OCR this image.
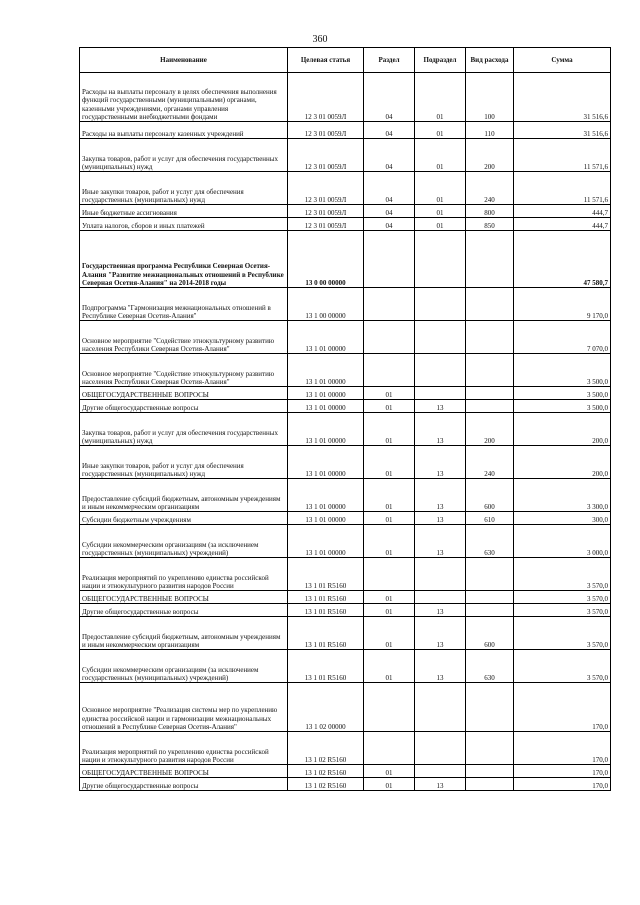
360
Наименование	Целевая статья	Раздел	Подраздел	Вид расхода	Сумма
Расходы на выплаты персоналу в целях обеспечения выполнения функций государственными (муниципальными) органами, казенными учреждениями, органами управления государственными внебюджетными фондами	12 3 01 0059Л	04	01	100	31 516,6
Расходы на выплаты персоналу казенных учреждений	12 3 01 0059Л	04	01	110	31 516,6
Закупка товаров, работ и услуг для обеспечения государственных (муниципальных) нужд	12 3 01 0059Л	04	01	200	11 571,6
Иные закупки товаров, работ и услуг для обеспечения государственных (муниципальных) нужд	12 3 01 0059Л	04	01	240	11 571,6
Иные бюджетные ассигнования	12 3 01 0059Л	04	01	800	444,7
Уплата налогов, сборов и иных платежей	12 3 01 0059Л	04	01	850	444,7
Государственная программа Республики Северная Осетия-Алания "Развитие межнациональных отношений в Республике Северная Осетия-Алания" на 2014-2018 годы	13 0 00 00000				47 580,7
Подпрограмма "Гармонизация межнациональных отношений в Республике Северная Осетия-Алания"	13 1 00 00000				9 170,0
Основное мероприятие "Содействие этнокультурному развитию населения Республики Северная Осетия-Алания"	13 1 01 00000				7 070,0
Основное мероприятие "Содействие этнокультурному развитию населения Республики Северная Осетия-Алания"	13 1 01 00000				3 500,0
ОБЩЕГОСУДАРСТВЕННЫЕ ВОПРОСЫ	13 1 01 00000	01			3 500,0
Другие общегосударственные вопросы	13 1 01 00000	01	13		3 500,0
Закупка товаров, работ и услуг для обеспечения государственных (муниципальных) нужд	13 1 01 00000	01	13	200	200,0
Иные закупки товаров, работ и услуг для обеспечения государственных (муниципальных) нужд	13 1 01 00000	01	13	240	200,0
Предоставление субсидий бюджетным, автономным учреждениям и иным некоммерческим организациям	13 1 01 00000	01	13	600	3 300,0
Субсидии бюджетным учреждениям	13 1 01 00000	01	13	610	300,0
Субсидии некоммерческим организациям (за исключением государственных (муниципальных) учреждений)	13 1 01 00000	01	13	630	3 000,0
Реализация мероприятий по укреплению единства российской нации и этнокультурного развития народов России	13 1 01 R5160				3 570,0
ОБЩЕГОСУДАРСТВЕННЫЕ ВОПРОСЫ	13 1 01 R5160	01			3 570,0
Другие общегосударственные вопросы	13 1 01 R5160	01	13		3 570,0
Предоставление субсидий бюджетным, автономным учреждениям и иным некоммерческим организациям	13 1 01 R5160	01	13	600	3 570,0
Субсидии некоммерческим организациям (за исключением государственных (муниципальных) учреждений)	13 1 01 R5160	01	13	630	3 570,0
Основное мероприятие "Реализация системы мер по укреплению единства российской нации и гармонизации межнациональных отношений в Республике Северная Осетия-Алания"	13 1 02 00000				170,0
Реализация мероприятий по укреплению единства российской нации и этнокультурного развития народов России	13 1 02 R5160				170,0
ОБЩЕГОСУДАРСТВЕННЫЕ ВОПРОСЫ	13 1 02 R5160	01			170,0
Другие общегосударственные вопросы	13 1 02 R5160	01	13		170,0
